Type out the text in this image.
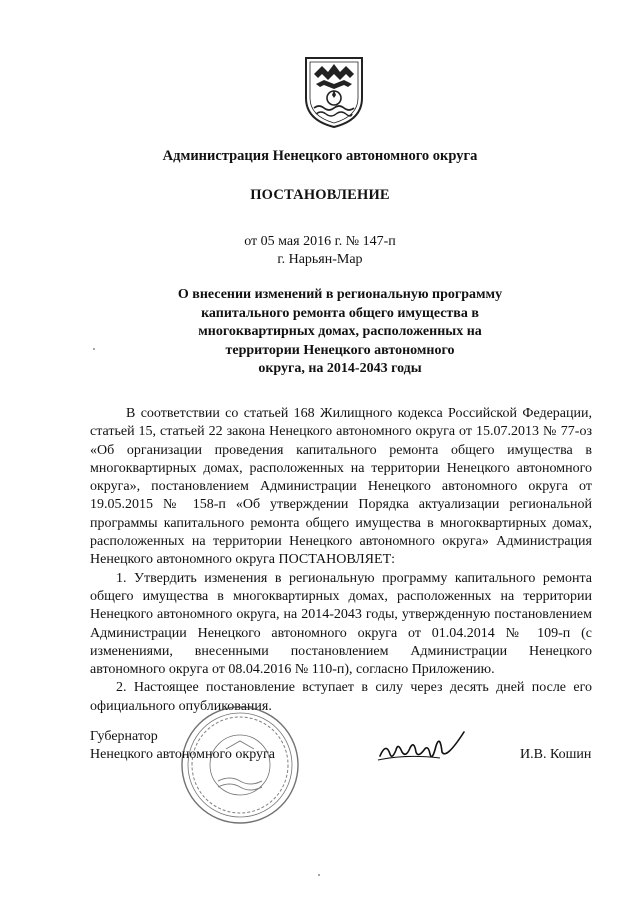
Администрация Ненецкого автономного округа
ПОСТАНОВЛЕНИЕ
от 05 мая 2016 г. № 147-п
г. Нарьян-Мар
О внесении изменений в региональную программу
капитального ремонта общего имущества в
многоквартирных домах, расположенных на
территории Ненецкого автономного
округа, на 2014-2043 годы

В соответствии со статьей 168 Жилищного кодекса Российской Федерации, статьей 15, статьей 22 закона Ненецкого автономного округа от 15.07.2013 № 77-оз «Об организации проведения капитального ремонта общего имущества в многоквартирных домах, расположенных на территории Ненецкого автономного округа», постановлением Администрации Ненецкого автономного округа от 19.05.2015 № 158-п «Об утверждении Порядка актуализации региональной программы капитального ремонта общего имущества в многоквартирных домах, расположенных на территории Ненецкого автономного округа» Администрация Ненецкого автономного округа ПОСТАНОВЛЯЕТ:

1. Утвердить изменения в региональную программу капитального ремонта общего имущества в многоквартирных домах, расположенных на территории Ненецкого автономного округа, на 2014-2043 годы, утвержденную постановлением Администрации Ненецкого автономного округа от 01.04.2014 № 109-п (с изменениями, внесенными постановлением Администрации Ненецкого автономного округа от 08.04.2016 № 110-п), согласно Приложению.

2. Настоящее постановление вступает в силу через десять дней после его официального опубликования.

Губернатор
Ненецкого автономного округа	И.В. Кошин
